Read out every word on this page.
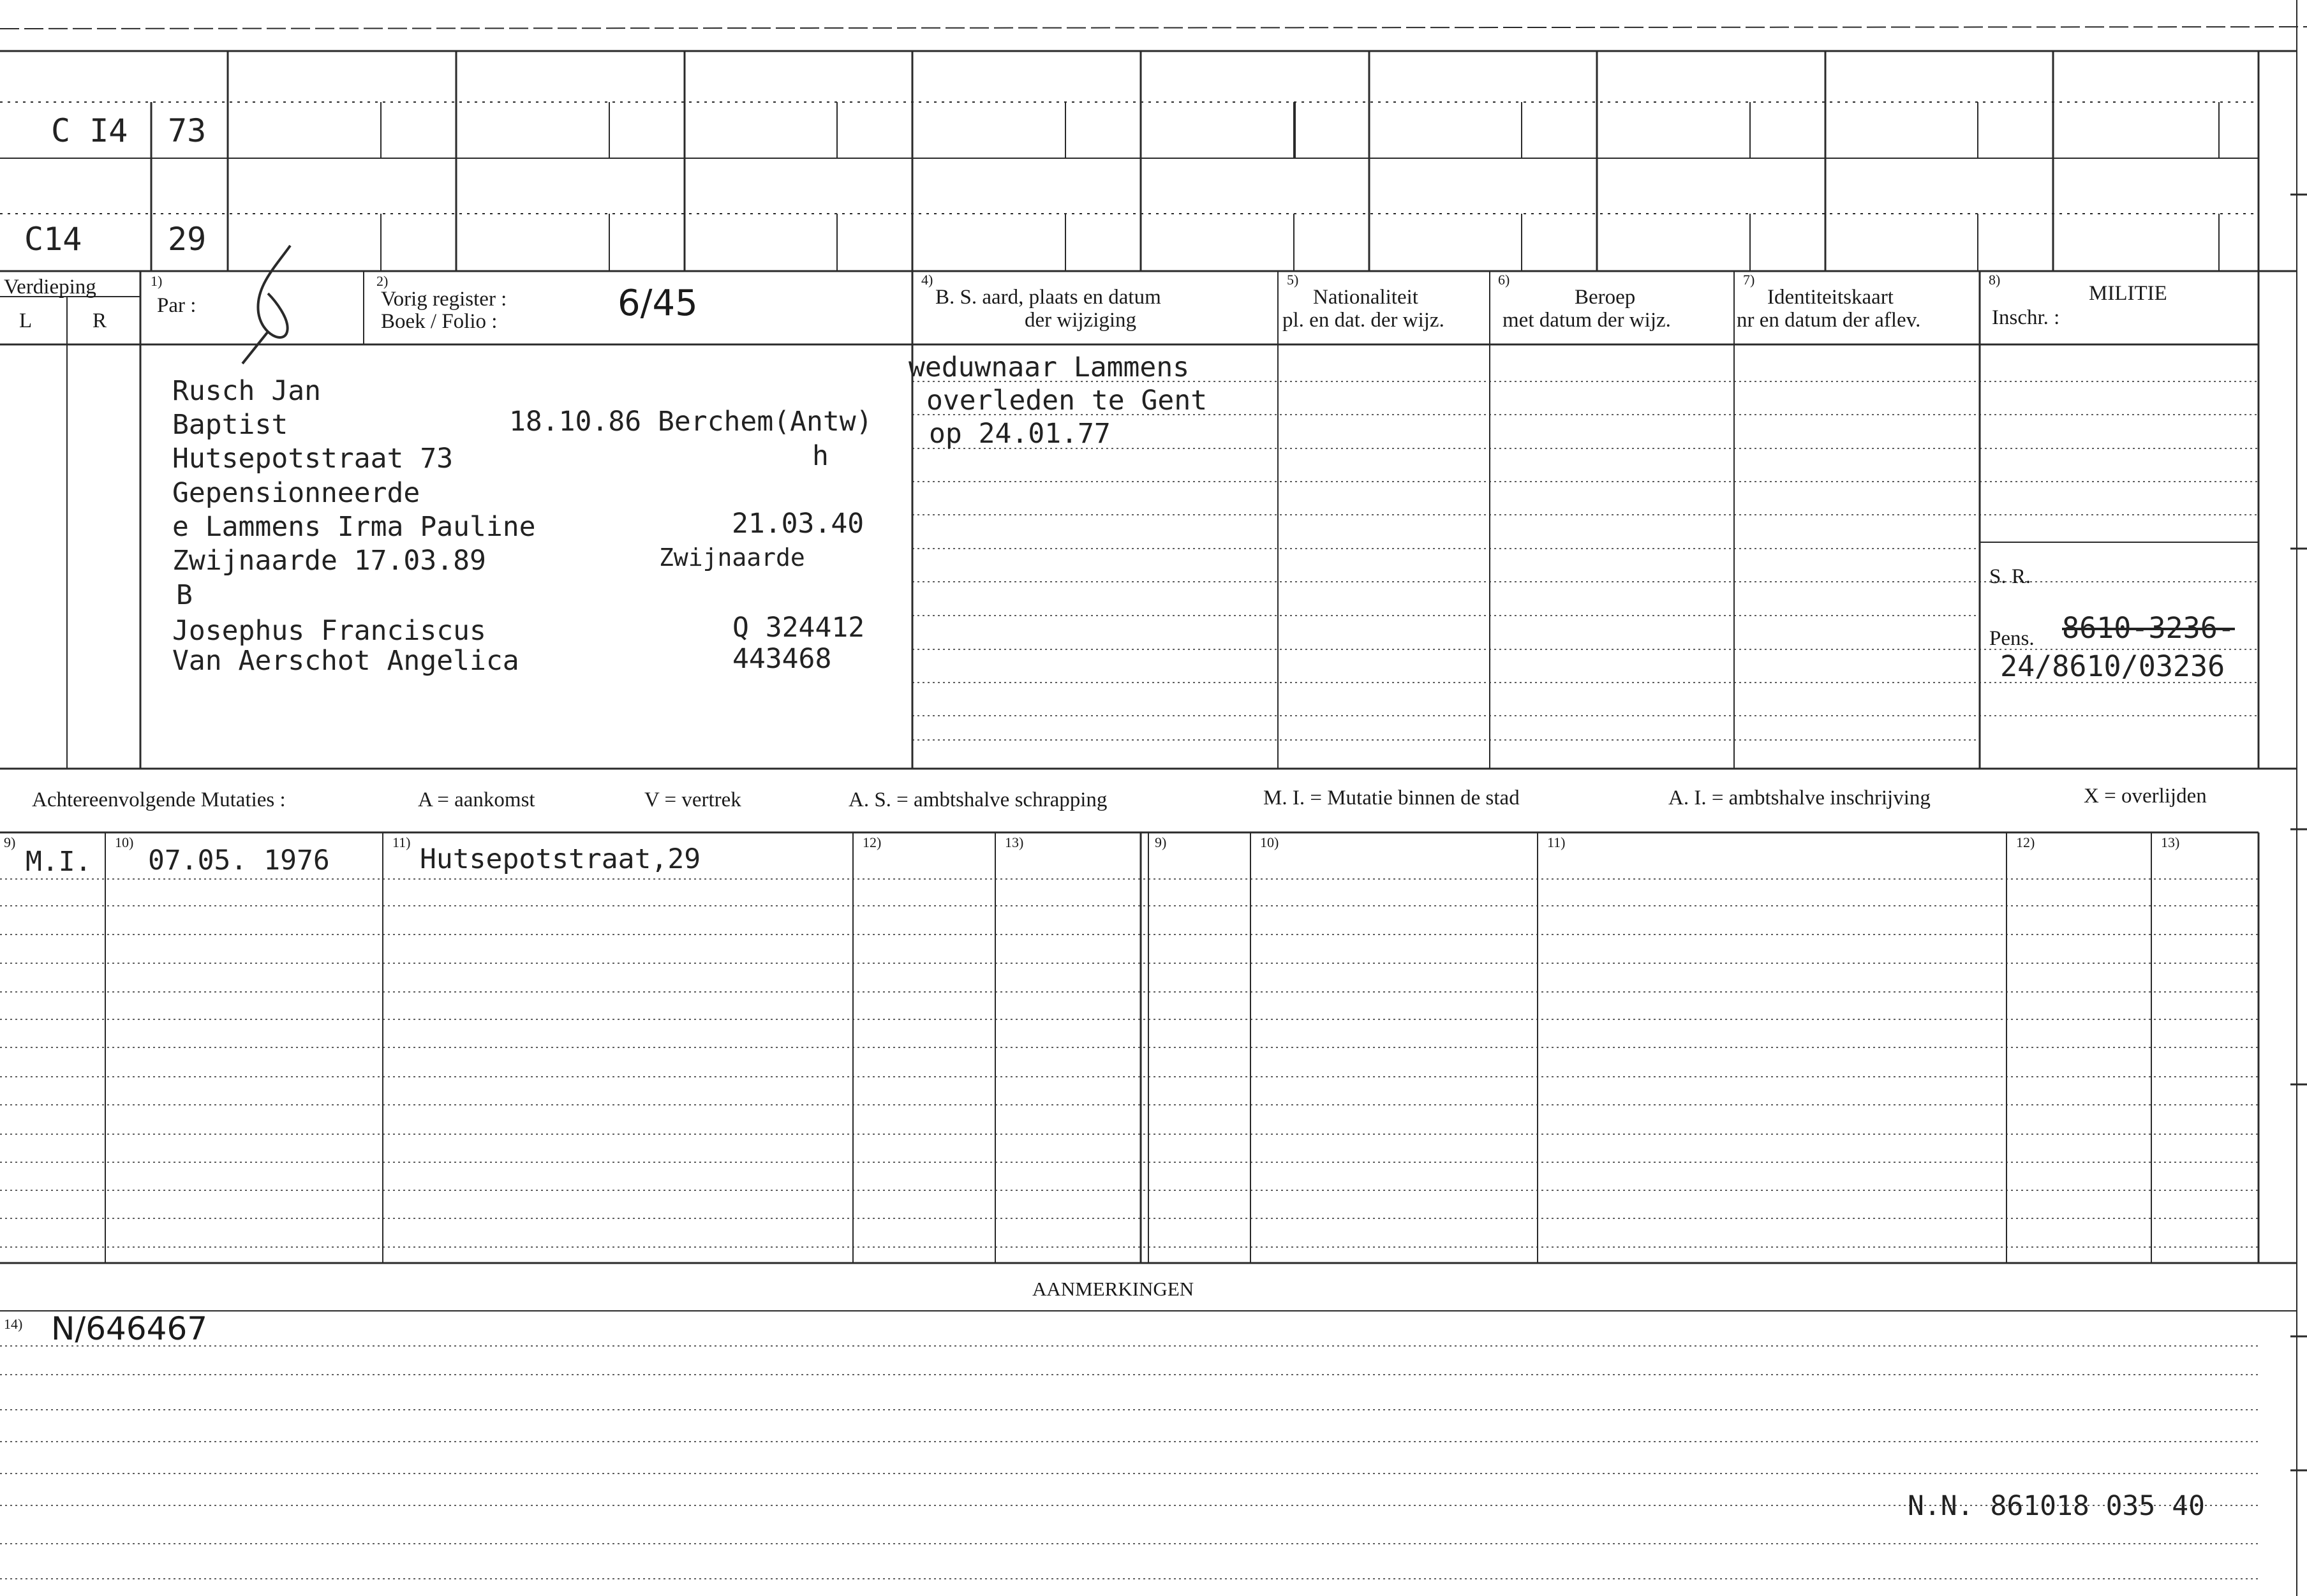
C I4 73
C14	29
Verdieping
L	R
1)
Par :
2)
Vorig register :
Boek / Folio :	6/45
4)
B. S. aard, plaats en datum
der wijziging
5)
Nationaliteit
pl. en dat. der wijz.
6)
Beroep
met datum der wijz.
7)
Identiteitskaart
nr en datum der aflev.
8)
MILITIE
Inschr. :
Rusch Jan
Baptist	18.10.86 Berchem(Antw)
Hutsepotstraat 73	h
Gepensionneerde
e Lammens Irma Pauline	21.03.40
Zwijnaarde 17.03.89	Zwijnaarde
B
Josephus Franciscus	Q 324412
Van Aerschot Angelica	443468
weduwnaar Lammens
overleden te Gent
op 24.01.77
S. R.
Pens. 8610-3236-
24/8610/03236
Achtereenvolgende Mutaties :	A = aankomst	V = vertrek	A. S. = ambtshalve schrapping	M. I. = Mutatie binnen de stad	A. I. = ambtshalve inschrijving	X = overlijden
9)	10)	11)	12)	13)	9)	10)	11)	12)	13)
M.I. 07.05. 1976	Hutsepotstraat,29
AANMERKINGEN
14) N/646467
N.N. 861018 035 40
